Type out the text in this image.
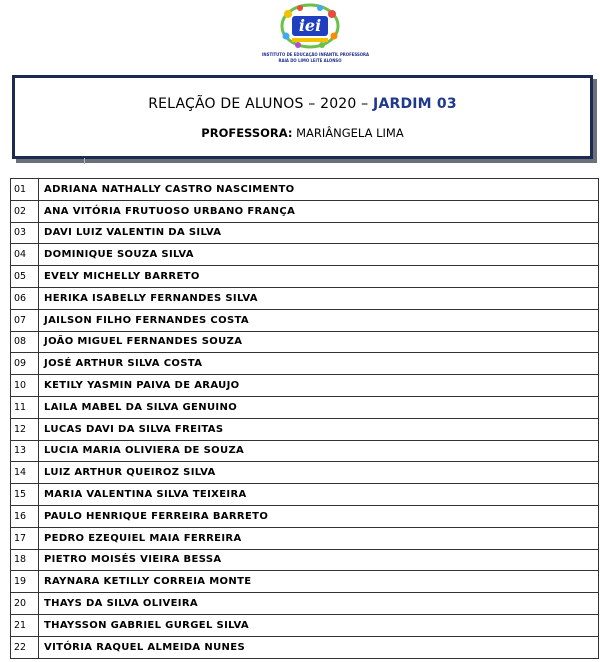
iei
INSTITUTO DE EDUCAÇÃO INFANTIL PROFESSORA
RAIA DO LIMO LEITE ALONSO
RELAÇÃO DE ALUNOS – 2020 – JARDIM 03
PROFESSORA: MARIÂNGELA LIMA
01	ADRIANA NATHALLY CASTRO NASCIMENTO
02	ANA VITÓRIA FRUTUOSO URBANO FRANÇA
03	DAVI LUIZ VALENTIN DA SILVA
04	DOMINIQUE SOUZA SILVA
05	EVELY MICHELLY BARRETO
06	HERIKA ISABELLY FERNANDES SILVA
07	JAILSON FILHO FERNANDES COSTA
08	JOÃO MIGUEL FERNANDES SOUZA
09	JOSÉ ARTHUR SILVA COSTA
10	KETILY YASMIN PAIVA DE ARAUJO
11	LAILA MABEL DA SILVA GENUINO
12	LUCAS DAVI DA SILVA FREITAS
13	LUCIA MARIA OLIVIERA DE SOUZA
14	LUIZ ARTHUR QUEIROZ SILVA
15	MARIA VALENTINA SILVA TEIXEIRA
16	PAULO HENRIQUE FERREIRA BARRETO
17	PEDRO EZEQUIEL MAIA FERREIRA
18	PIETRO MOISÉS VIEIRA BESSA
19	RAYNARA KETILLY CORREIA MONTE
20	THAYS DA SILVA OLIVEIRA
21	THAYSSON GABRIEL GURGEL SILVA
22	VITÓRIA RAQUEL ALMEIDA NUNES
